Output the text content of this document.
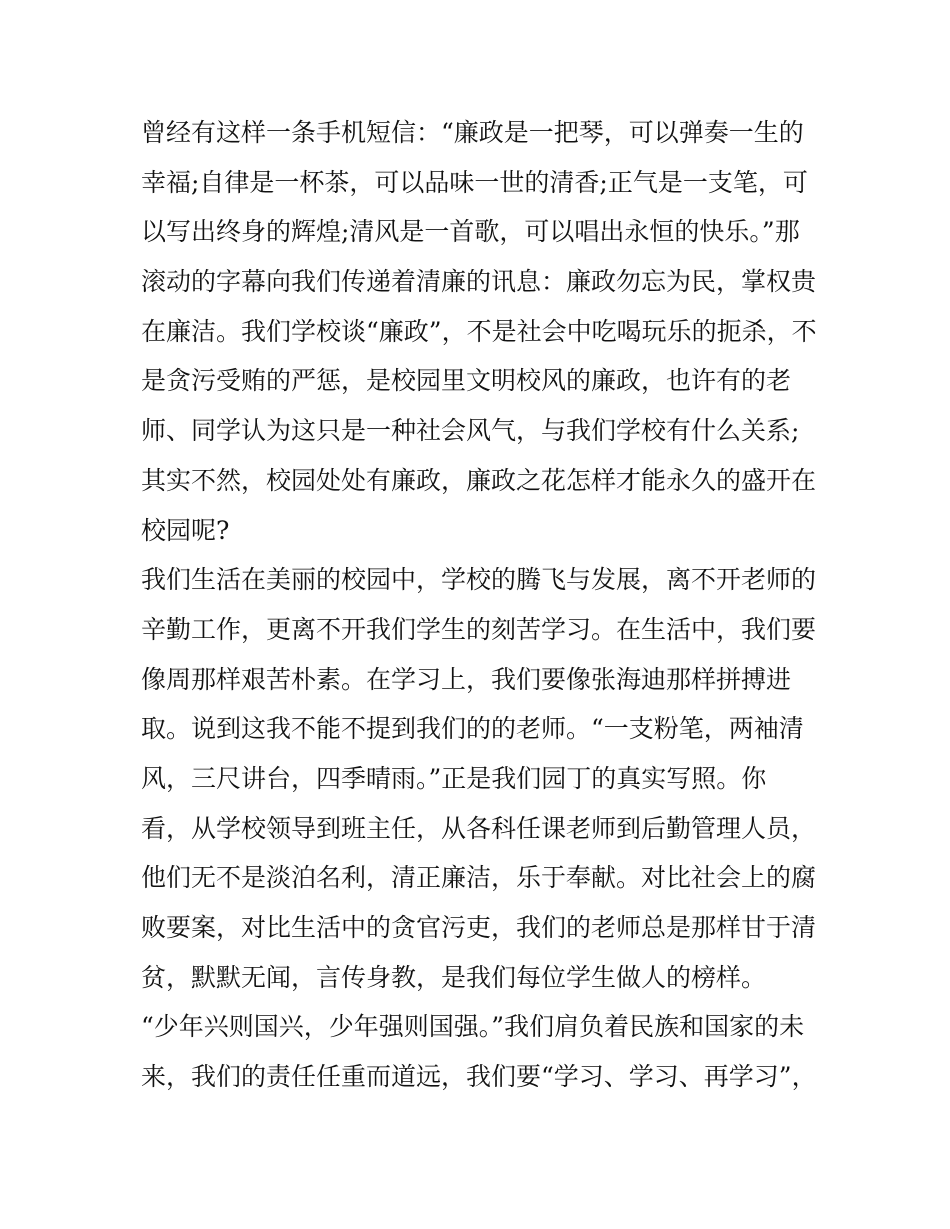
曾经有这样一条手机短信：“廉政是一把琴，可以弹奏一生的
幸福;自律是一杯茶，可以品味一世的清香;正气是一支笔，可
以写出终身的辉煌;清风是一首歌，可以唱出永恒的快乐。”那
滚动的字幕向我们传递着清廉的讯息：廉政勿忘为民，掌权贵
在廉洁。我们学校谈“廉政”，不是社会中吃喝玩乐的扼杀，不
是贪污受贿的严惩，是校园里文明校风的廉政，也许有的老
师、同学认为这只是一种社会风气，与我们学校有什么关系;
其实不然，校园处处有廉政，廉政之花怎样才能永久的盛开在
校园呢?
我们生活在美丽的校园中，学校的腾飞与发展，离不开老师的
辛勤工作，更离不开我们学生的刻苦学习。在生活中，我们要
像周那样艰苦朴素。在学习上，我们要像张海迪那样拼搏进
取。说到这我不能不提到我们的的老师。“一支粉笔，两袖清
风，三尺讲台，四季晴雨。”正是我们园丁的真实写照。你
看，从学校领导到班主任，从各科任课老师到后勤管理人员，
他们无不是淡泊名利，清正廉洁，乐于奉献。对比社会上的腐
败要案，对比生活中的贪官污吏，我们的老师总是那样甘于清
贫，默默无闻，言传身教，是我们每位学生做人的榜样。
“少年兴则国兴，少年强则国强。”我们肩负着民族和国家的未
来，我们的责任任重而道远，我们要“学习、学习、再学习”，
